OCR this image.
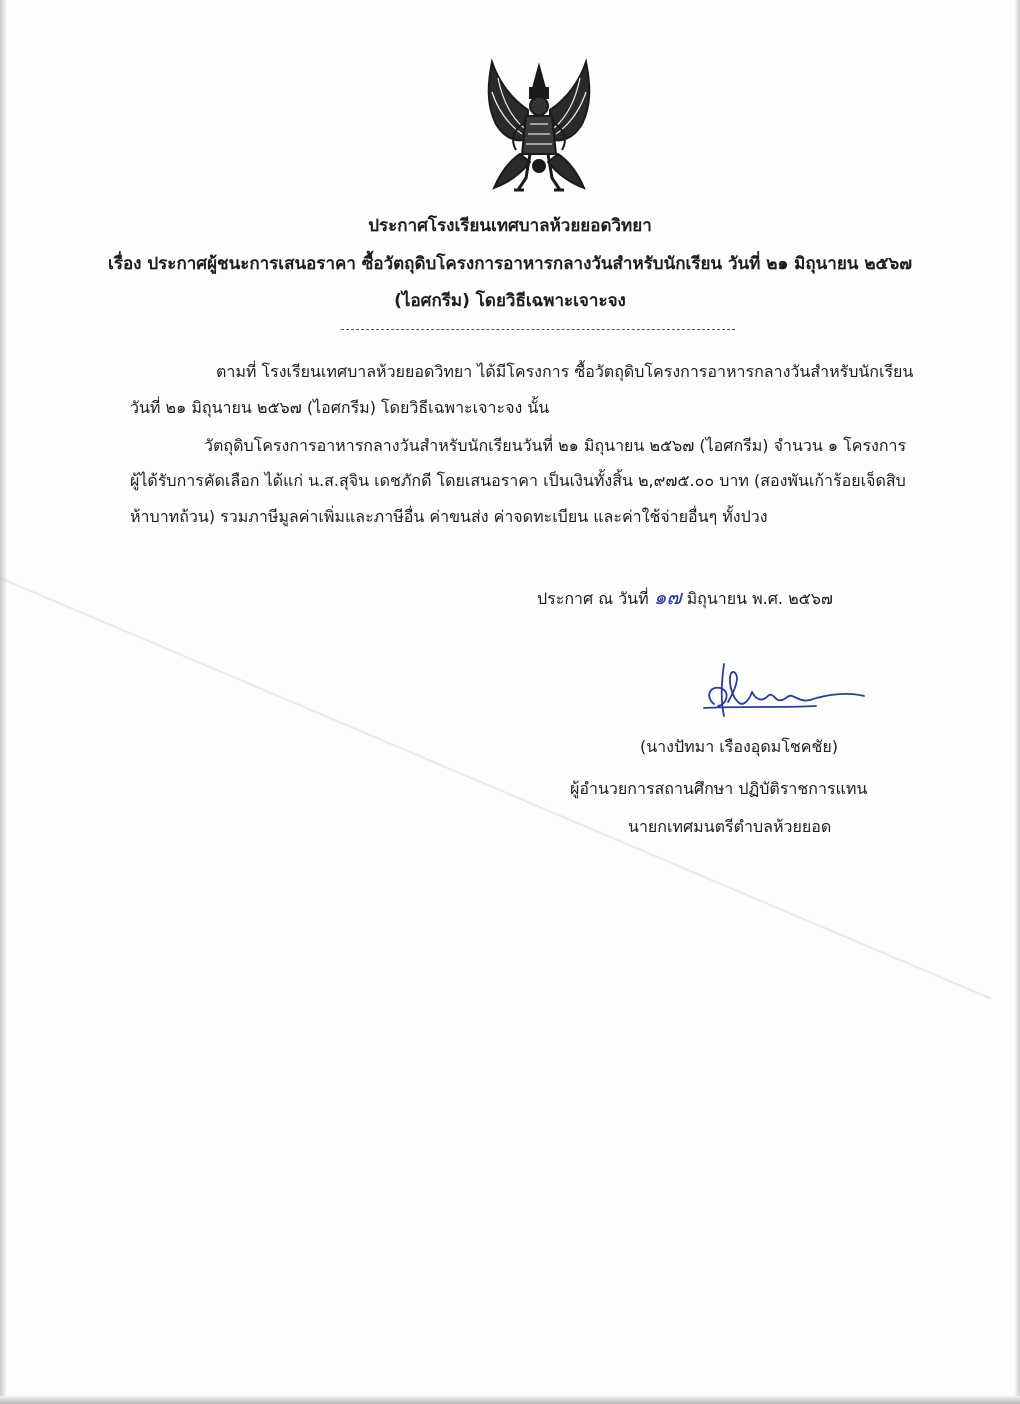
ประกาศโรงเรียนเทศบาลห้วยยอดวิทยา
เรื่อง ประกาศผู้ชนะการเสนอราคา ซื้อวัตถุดิบโครงการอาหารกลางวันสำหรับนักเรียน วันที่ ๒๑ มิถุนายน ๒๕๖๗
(ไอศกรีม) โดยวิธีเฉพาะเจาะจง
ตามที่ โรงเรียนเทศบาลห้วยยอดวิทยา ได้มีโครงการ ซื้อวัตถุดิบโครงการอาหารกลางวันสำหรับนักเรียน
วันที่ ๒๑ มิถุนายน ๒๕๖๗ (ไอศกรีม) โดยวิธีเฉพาะเจาะจง นั้น
วัตถุดิบโครงการอาหารกลางวันสำหรับนักเรียนวันที่ ๒๑ มิถุนายน ๒๕๖๗ (ไอศกรีม) จำนวน ๑ โครงการ
ผู้ได้รับการคัดเลือก ได้แก่ น.ส.สุจิน เดชภักดี โดยเสนอราคา เป็นเงินทั้งสิ้น ๒,๙๗๕.๐๐ บาท (สองพันเก้าร้อยเจ็ดสิบ
ห้าบาทถ้วน) รวมภาษีมูลค่าเพิ่มและภาษีอื่น ค่าขนส่ง ค่าจดทะเบียน และค่าใช้จ่ายอื่นๆ ทั้งปวง
ประกาศ ณ วันที่ ๑๗ มิถุนายน พ.ศ. ๒๕๖๗
(นางปัทมา เรืองอุดมโชคชัย)
ผู้อำนวยการสถานศึกษา ปฏิบัติราชการแทน
นายกเทศมนตรีตำบลห้วยยอด
